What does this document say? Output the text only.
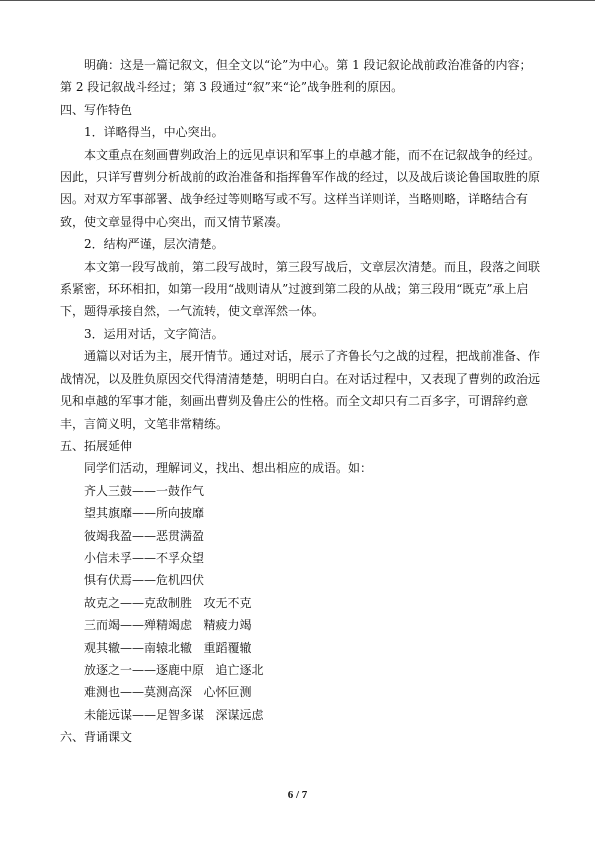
明确：这是一篇记叙文，但全文以“论”为中心。第 1 段记叙论战前政治准备的内容；第 2 段记叙战斗经过；第 3 段通过“叙”来“论”战争胜利的原因。

四、写作特色

1．详略得当，中心突出。

本文重点在刻画曹刿政治上的远见卓识和军事上的卓越才能，而不在记叙战争的经过。因此，只详写曹刿分析战前的政治准备和指挥鲁军作战的经过，以及战后谈论鲁国取胜的原因。对双方军事部署、战争经过等则略写或不写。这样当详则详，当略则略，详略结合有致，使文章显得中心突出，而又情节紧凑。

2．结构严谨，层次清楚。

本文第一段写战前，第二段写战时，第三段写战后，文章层次清楚。而且，段落之间联系紧密，环环相扣，如第一段用“战则请从”过渡到第二段的从战；第三段用“既克”承上启下，题得承接自然，一气流转，使文章浑然一体。

3．运用对话，文字简洁。

通篇以对话为主，展开情节。通过对话，展示了齐鲁长勺之战的过程，把战前准备、作战情况，以及胜负原因交代得清清楚楚，明明白白。在对话过程中，又表现了曹刿的政治远见和卓越的军事才能，刻画出曹刿及鲁庄公的性格。而全文却只有二百多字，可谓辞约意丰，言简义明，文笔非常精练。

五、拓展延伸

同学们活动，理解词义，找出、想出相应的成语。如：

齐人三鼓——一鼓作气

望其旗靡——所向披靡

彼竭我盈——恶贯满盈

小信未孚——不孚众望

惧有伏焉——危机四伏

故克之——克敌制胜   攻无不克

三而竭——殚精竭虑   精疲力竭

观其辙——南辕北辙   重蹈覆辙

放逐之一——逐鹿中原   追亡逐北

难测也——莫测高深   心怀叵测

未能远谋——足智多谋   深谋远虑

六、背诵课文

6 / 7
